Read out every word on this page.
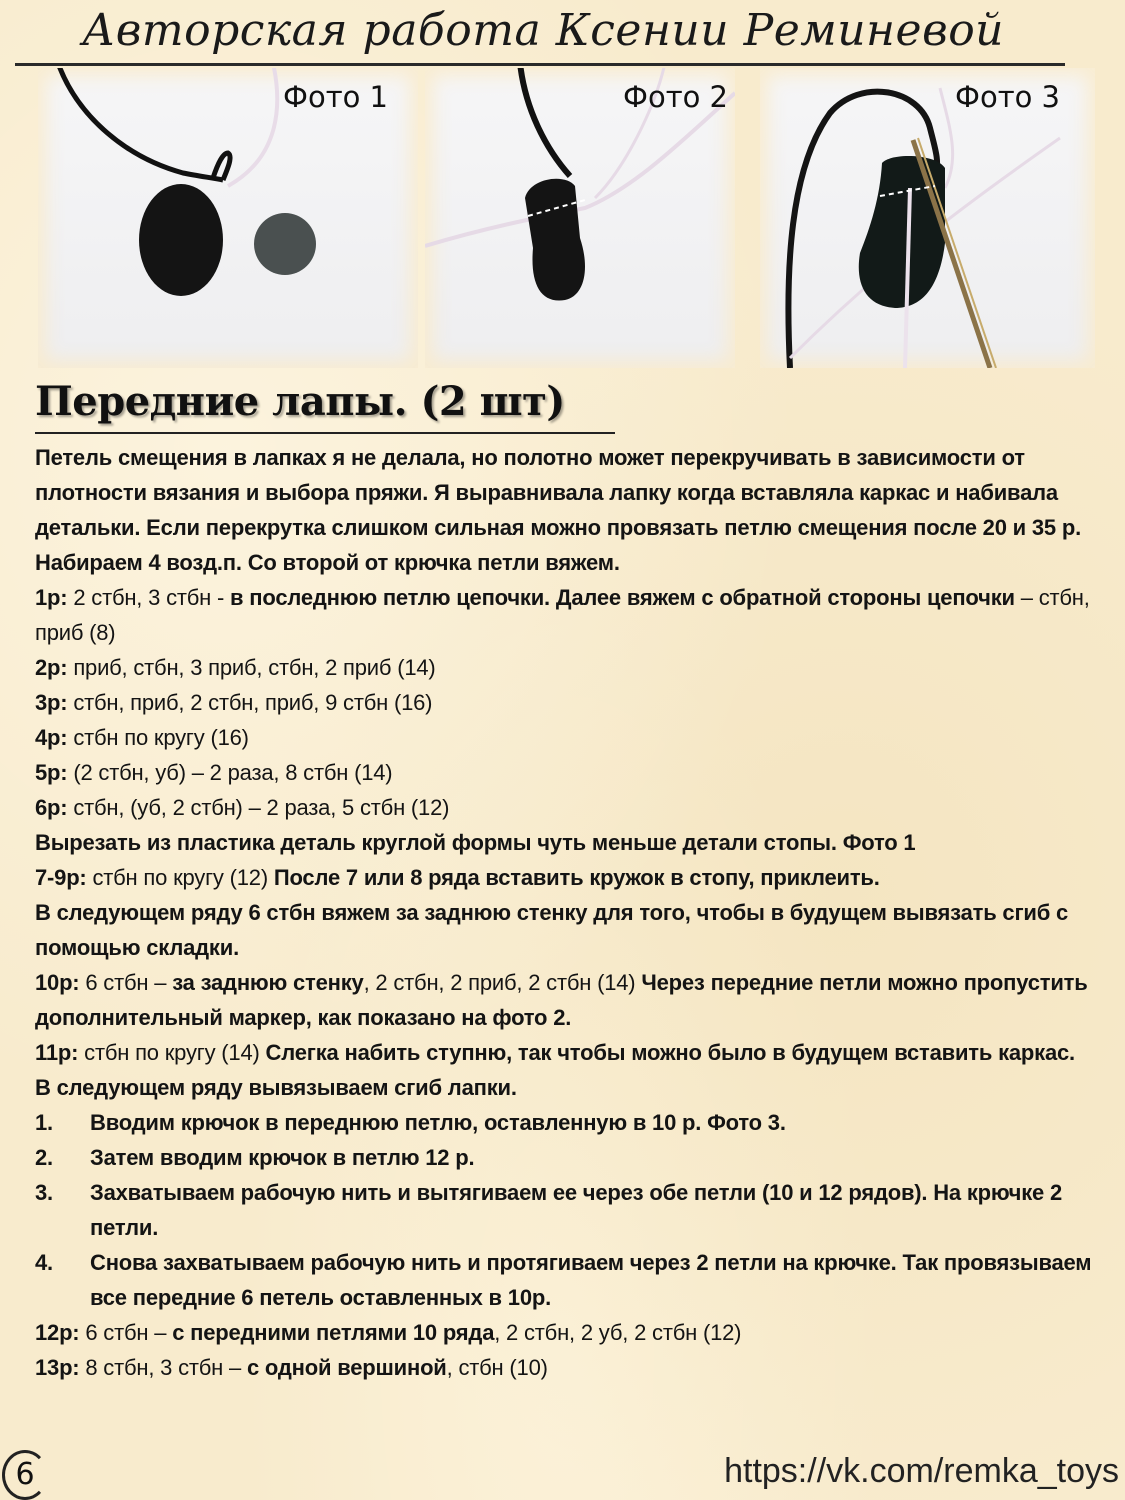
Авторская работа Ксении Реминевой
Фото 1	Фото 2	Фото 3
Передние лапы. (2 шт)

Петель смещения в лапках я не делала, но полотно может перекручивать в зависимости от плотности вязания и выбора пряжи. Я выравнивала лапку когда вставляла каркас и набивала детальки. Если перекрутка слишком сильная можно провязать петлю смещения после 20 и 35 р.

Набираем 4 возд.п. Со второй от крючка петли вяжем.

1р: 2 стбн, 3 стбн - в последнюю петлю цепочки. Далее вяжем с обратной стороны цепочки – стбн, приб (8)

2р: приб, стбн, 3 приб, стбн, 2 приб (14)

3р: стбн, приб, 2 стбн, приб, 9 стбн (16)

4р: стбн по кругу (16)

5р: (2 стбн, уб) – 2 раза, 8 стбн (14)

6р: стбн, (уб, 2 стбн) – 2 раза, 5 стбн (12)

Вырезать из пластика деталь круглой формы чуть меньше детали стопы. Фото 1

7-9р: стбн по кругу (12) После 7 или 8 ряда вставить кружок в стопу, приклеить.

В следующем ряду 6 стбн вяжем за заднюю стенку для того, чтобы в будущем вывязать сгиб с помощью складки.

10р: 6 стбн – за заднюю стенку, 2 стбн, 2 приб, 2 стбн (14) Через передние петли можно пропустить дополнительный маркер, как показано на фото 2.

11р: стбн по кругу (14) Слегка набить ступню, так чтобы можно было в будущем вставить каркас.

В следующем ряду вывязываем сгиб лапки.

1.	Вводим крючок в переднюю петлю, оставленную в 10 р. Фото 3.
2.	Затем вводим крючок в петлю 12 р.
3.	Захватываем рабочую нить и вытягиваем ее через обе петли (10 и 12 рядов). На крючке 2 петли.
4.	Снова захватываем рабочую нить и протягиваем через 2 петли на крючке. Так провязываем все передние 6 петель оставленных в 10р.

12р: 6 стбн – с передними петлями 10 ряда, 2 стбн, 2 уб, 2 стбн (12)

13р: 8 стбн, 3 стбн – с одной вершиной, стбн (10)

6	https://vk.com/remka_toys
